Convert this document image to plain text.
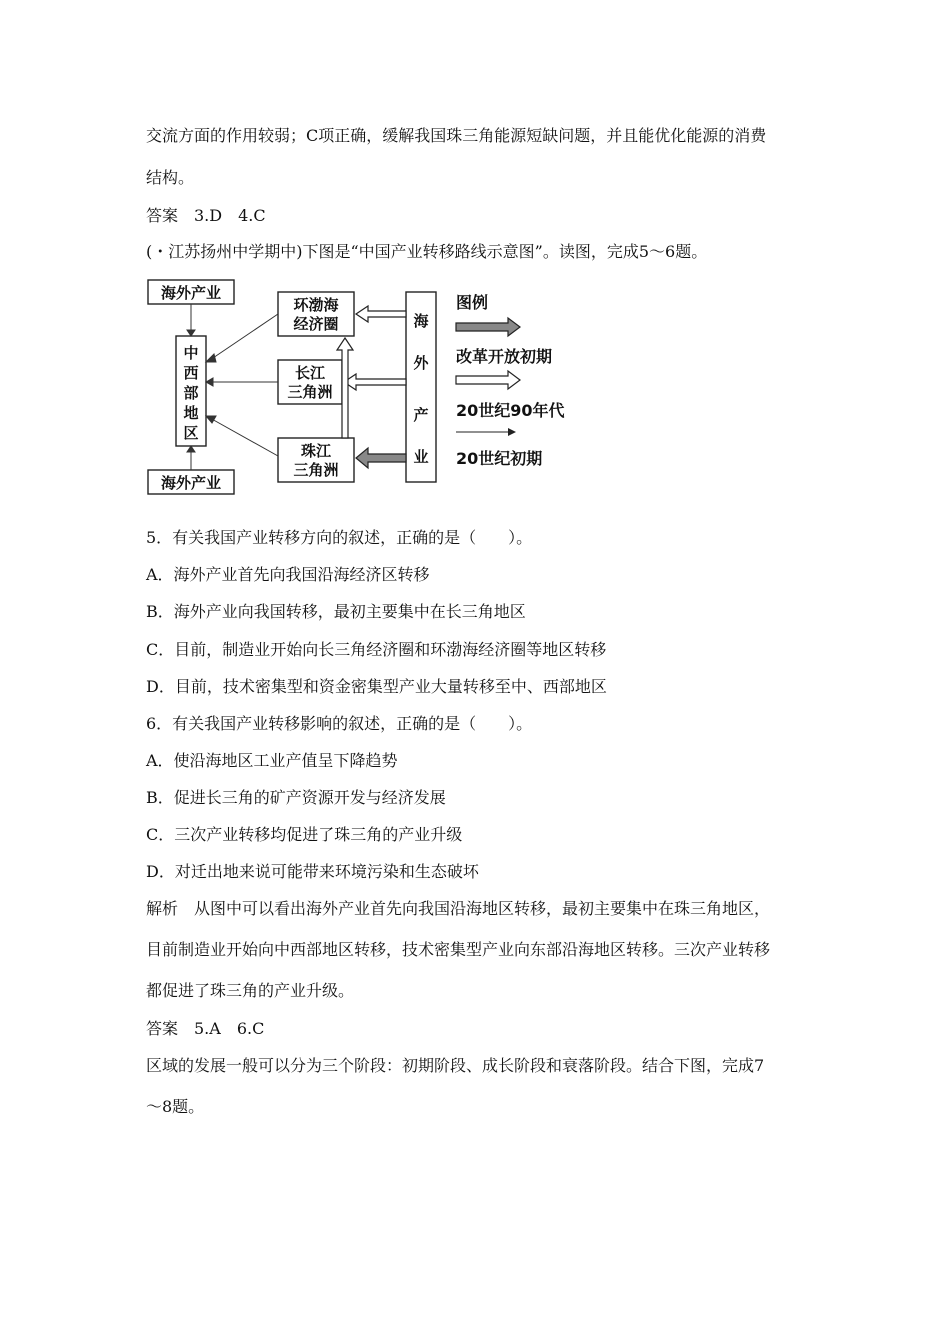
交流方面的作用较弱；C项正确，缓解我国珠三角能源短缺问题，并且能优化能源的消费
结构。
答案　3.D　4.C
(・江苏扬州中学期中)下图是“中国产业转移路线示意图”。读图，完成5～6题。
海外产业
海外产业
中
西
部
地
区
环渤海
经济圈
长江
三角洲
珠江
三角洲
海
外
产
业
图例
改革开放初期
20世纪90年代
20世纪初期
5．有关我国产业转移方向的叙述，正确的是（　　）。
A．海外产业首先向我国沿海经济区转移
B．海外产业向我国转移，最初主要集中在长三角地区
C．目前，制造业开始向长三角经济圈和环渤海经济圈等地区转移
D．目前，技术密集型和资金密集型产业大量转移至中、西部地区
6．有关我国产业转移影响的叙述，正确的是（　　）。
A．使沿海地区工业产值呈下降趋势
B．促进长三角的矿产资源开发与经济发展
C．三次产业转移均促进了珠三角的产业升级
D．对迁出地来说可能带来环境污染和生态破坏
解析　从图中可以看出海外产业首先向我国沿海地区转移，最初主要集中在珠三角地区，
目前制造业开始向中西部地区转移，技术密集型产业向东部沿海地区转移。三次产业转移
都促进了珠三角的产业升级。
答案　5.A　6.C
区域的发展一般可以分为三个阶段：初期阶段、成长阶段和衰落阶段。结合下图，完成7
～8题。
